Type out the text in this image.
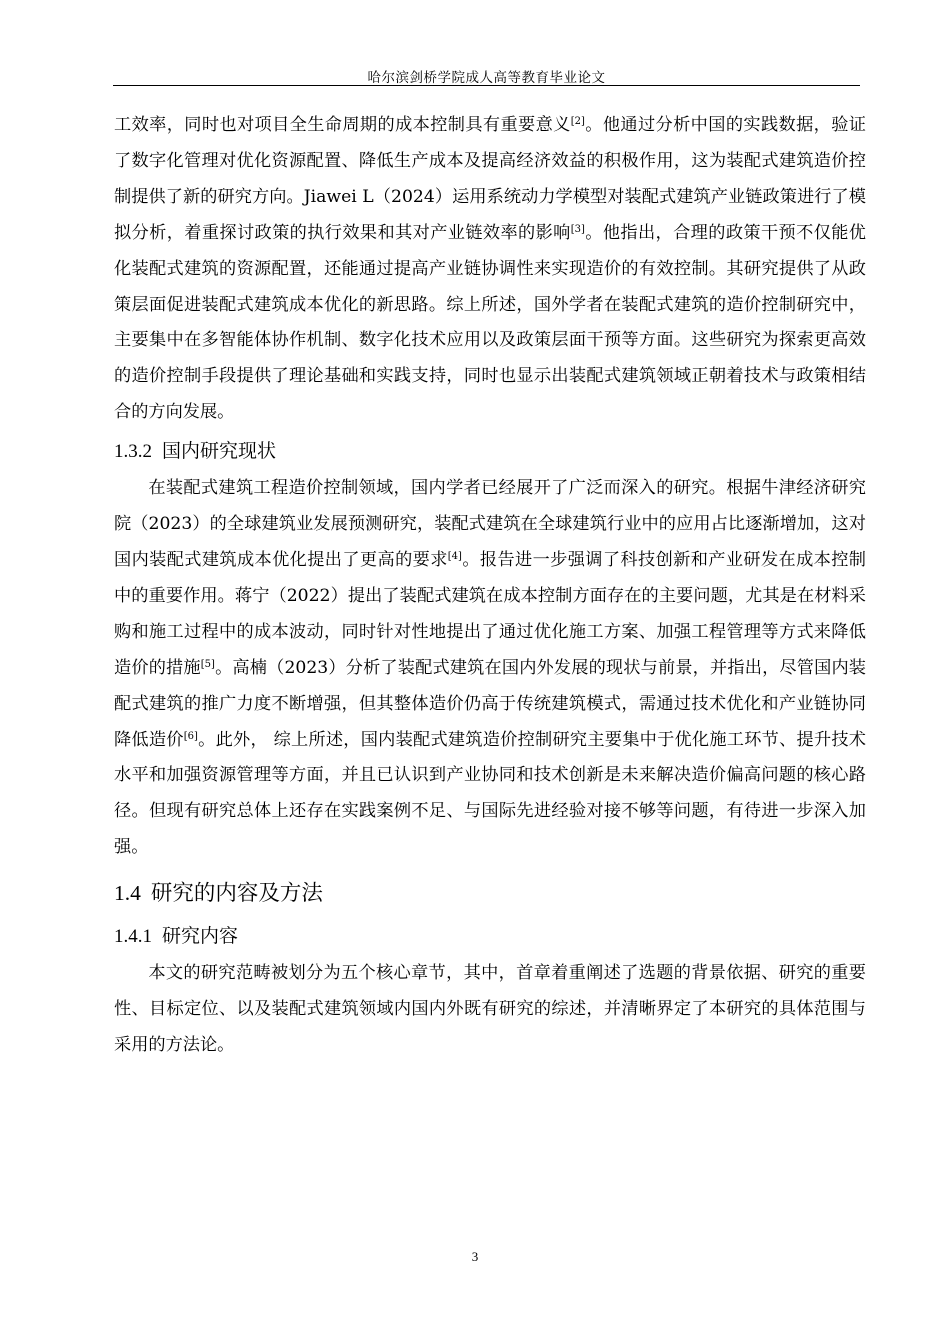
哈尔滨剑桥学院成人高等教育毕业论文

工效率，同时也对项目全生命周期的成本控制具有重要意义[2]。他通过分析中国的实践数据，验证了数字化管理对优化资源配置、降低生产成本及提高经济效益的积极作用，这为装配式建筑造价控制提供了新的研究方向。Jiawei L（2024）运用系统动力学模型对装配式建筑产业链政策进行了模拟分析，着重探讨政策的执行效果和其对产业链效率的影响[3]。他指出，合理的政策干预不仅能优化装配式建筑的资源配置，还能通过提高产业链协调性来实现造价的有效控制。其研究提供了从政策层面促进装配式建筑成本优化的新思路。综上所述，国外学者在装配式建筑的造价控制研究中，主要集中在多智能体协作机制、数字化技术应用以及政策层面干预等方面。这些研究为探索更高效的造价控制手段提供了理论基础和实践支持，同时也显示出装配式建筑领域正朝着技术与政策相结合的方向发展。

1.3.2 国内研究现状

在装配式建筑工程造价控制领域，国内学者已经展开了广泛而深入的研究。根据牛津经济研究院（2023）的全球建筑业发展预测研究，装配式建筑在全球建筑行业中的应用占比逐渐增加，这对国内装配式建筑成本优化提出了更高的要求[4]。报告进一步强调了科技创新和产业研发在成本控制中的重要作用。蒋宁（2022）提出了装配式建筑在成本控制方面存在的主要问题，尤其是在材料采购和施工过程中的成本波动，同时针对性地提出了通过优化施工方案、加强工程管理等方式来降低造价的措施[5]。高楠（2023）分析了装配式建筑在国内外发展的现状与前景，并指出，尽管国内装配式建筑的推广力度不断增强，但其整体造价仍高于传统建筑模式，需通过技术优化和产业链协同降低造价[6]。此外， 综上所述，国内装配式建筑造价控制研究主要集中于优化施工环节、提升技术水平和加强资源管理等方面，并且已认识到产业协同和技术创新是未来解决造价偏高问题的核心路径。但现有研究总体上还存在实践案例不足、与国际先进经验对接不够等问题，有待进一步深入加强。

1.4 研究的内容及方法
1.4.1 研究内容

本文的研究范畴被划分为五个核心章节，其中，首章着重阐述了选题的背景依据、研究的重要性、目标定位、以及装配式建筑领域内国内外既有研究的综述，并清晰界定了本研究的具体范围与采用的方法论。

3
